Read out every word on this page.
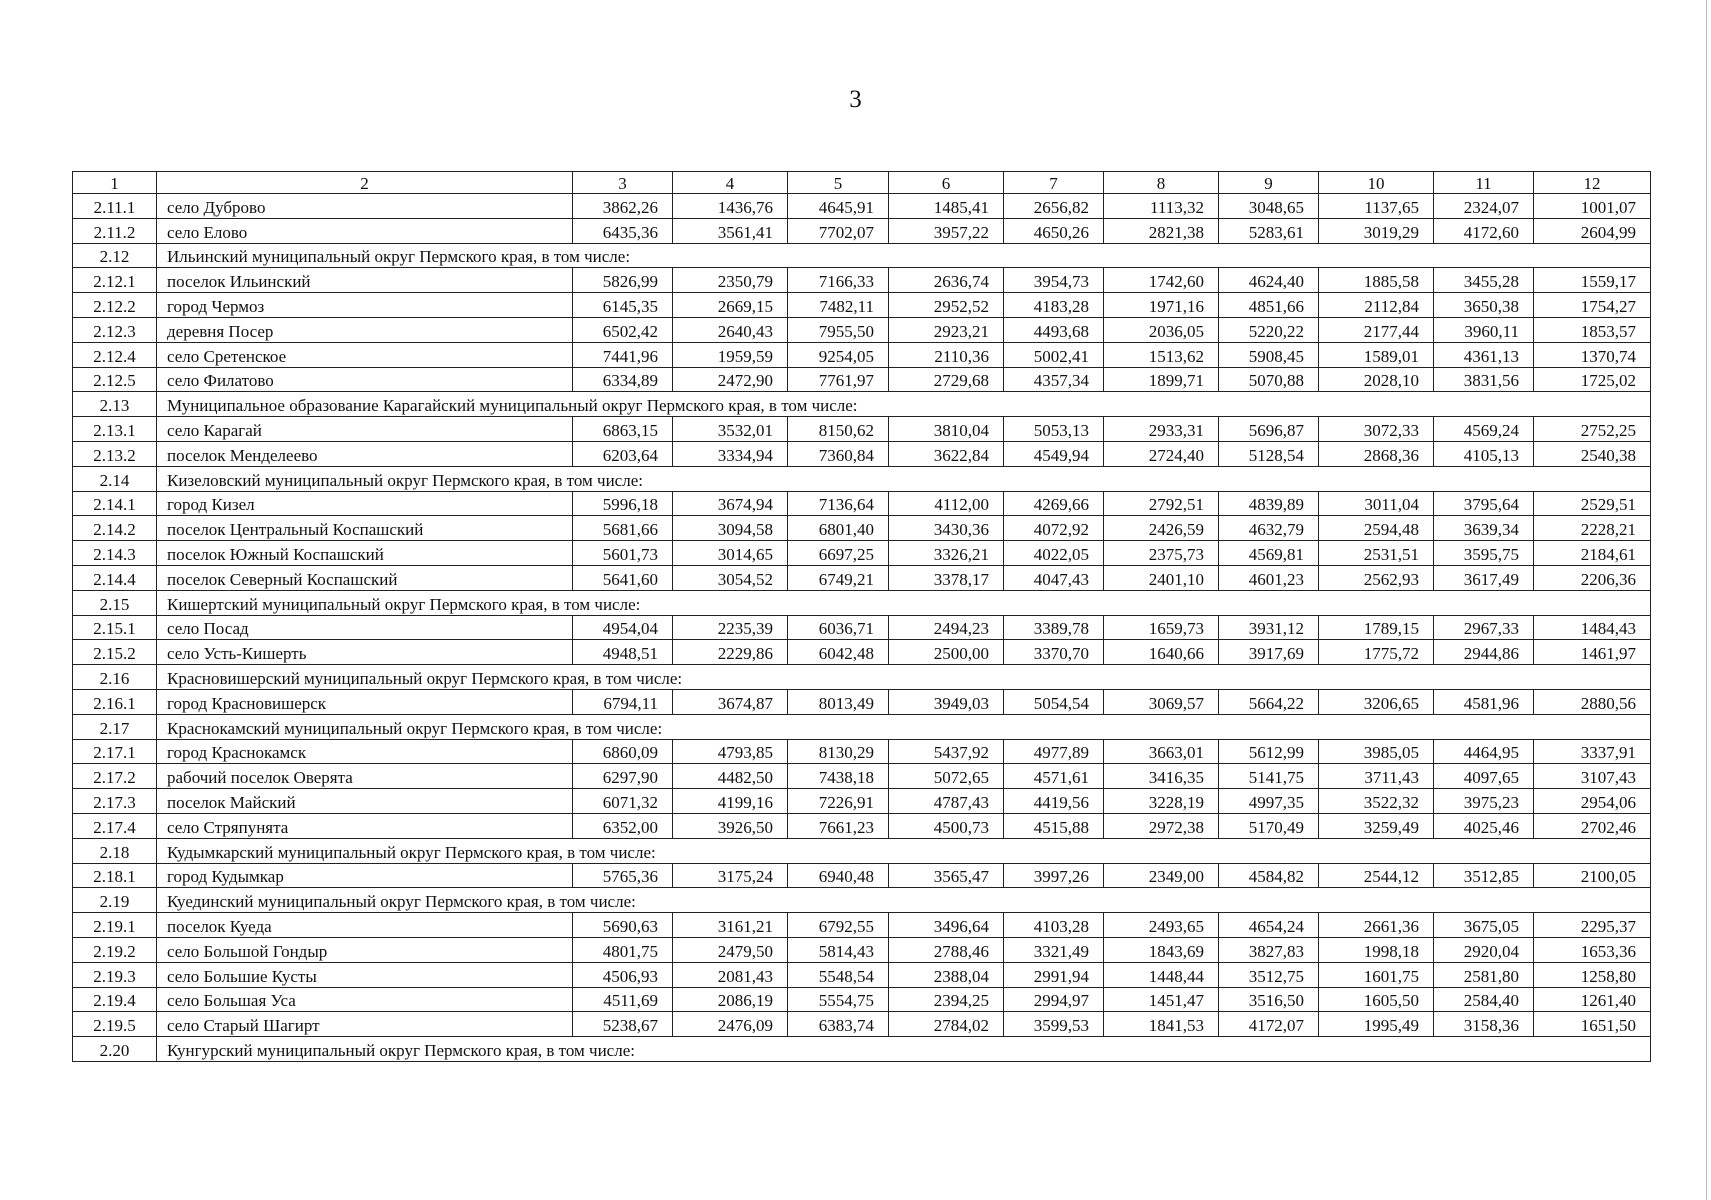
3
1	2	3	4	5	6	7	8	9	10	11	12
2.11.1	село Дуброво	3862,26	1436,76	4645,91	1485,41	2656,82	1113,32	3048,65	1137,65	2324,07	1001,07
2.11.2	село Елово	6435,36	3561,41	7702,07	3957,22	4650,26	2821,38	5283,61	3019,29	4172,60	2604,99
2.12	Ильинский муниципальный округ Пермского края, в том числе:										
2.12.1	поселок Ильинский	5826,99	2350,79	7166,33	2636,74	3954,73	1742,60	4624,40	1885,58	3455,28	1559,17
2.12.2	город Чермоз	6145,35	2669,15	7482,11	2952,52	4183,28	1971,16	4851,66	2112,84	3650,38	1754,27
2.12.3	деревня Посер	6502,42	2640,43	7955,50	2923,21	4493,68	2036,05	5220,22	2177,44	3960,11	1853,57
2.12.4	село Сретенское	7441,96	1959,59	9254,05	2110,36	5002,41	1513,62	5908,45	1589,01	4361,13	1370,74
2.12.5	село Филатово	6334,89	2472,90	7761,97	2729,68	4357,34	1899,71	5070,88	2028,10	3831,56	1725,02
2.13	Муниципальное образование Карагайский муниципальный округ Пермского края, в том числе:										
2.13.1	село Карагай	6863,15	3532,01	8150,62	3810,04	5053,13	2933,31	5696,87	3072,33	4569,24	2752,25
2.13.2	поселок Менделеево	6203,64	3334,94	7360,84	3622,84	4549,94	2724,40	5128,54	2868,36	4105,13	2540,38
2.14	Кизеловский муниципальный округ Пермского края, в том числе:										
2.14.1	город Кизел	5996,18	3674,94	7136,64	4112,00	4269,66	2792,51	4839,89	3011,04	3795,64	2529,51
2.14.2	поселок Центральный Коспашский	5681,66	3094,58	6801,40	3430,36	4072,92	2426,59	4632,79	2594,48	3639,34	2228,21
2.14.3	поселок Южный Коспашский	5601,73	3014,65	6697,25	3326,21	4022,05	2375,73	4569,81	2531,51	3595,75	2184,61
2.14.4	поселок Северный Коспашский	5641,60	3054,52	6749,21	3378,17	4047,43	2401,10	4601,23	2562,93	3617,49	2206,36
2.15	Кишертский муниципальный округ Пермского края, в том числе:										
2.15.1	село Посад	4954,04	2235,39	6036,71	2494,23	3389,78	1659,73	3931,12	1789,15	2967,33	1484,43
2.15.2	село Усть-Кишерть	4948,51	2229,86	6042,48	2500,00	3370,70	1640,66	3917,69	1775,72	2944,86	1461,97
2.16	Красновишерский муниципальный округ Пермского края, в том числе:										
2.16.1	город Красновишерск	6794,11	3674,87	8013,49	3949,03	5054,54	3069,57	5664,22	3206,65	4581,96	2880,56
2.17	Краснокамский муниципальный округ Пермского края, в том числе:										
2.17.1	город Краснокамск	6860,09	4793,85	8130,29	5437,92	4977,89	3663,01	5612,99	3985,05	4464,95	3337,91
2.17.2	рабочий поселок Оверята	6297,90	4482,50	7438,18	5072,65	4571,61	3416,35	5141,75	3711,43	4097,65	3107,43
2.17.3	поселок Майский	6071,32	4199,16	7226,91	4787,43	4419,56	3228,19	4997,35	3522,32	3975,23	2954,06
2.17.4	село Стряпунята	6352,00	3926,50	7661,23	4500,73	4515,88	2972,38	5170,49	3259,49	4025,46	2702,46
2.18	Кудымкарский муниципальный округ Пермского края, в том числе:										
2.18.1	город Кудымкар	5765,36	3175,24	6940,48	3565,47	3997,26	2349,00	4584,82	2544,12	3512,85	2100,05
2.19	Куединский муниципальный округ Пермского края, в том числе:										
2.19.1	поселок Куеда	5690,63	3161,21	6792,55	3496,64	4103,28	2493,65	4654,24	2661,36	3675,05	2295,37
2.19.2	село Большой Гондыр	4801,75	2479,50	5814,43	2788,46	3321,49	1843,69	3827,83	1998,18	2920,04	1653,36
2.19.3	село Большие Кусты	4506,93	2081,43	5548,54	2388,04	2991,94	1448,44	3512,75	1601,75	2581,80	1258,80
2.19.4	село Большая Уса	4511,69	2086,19	5554,75	2394,25	2994,97	1451,47	3516,50	1605,50	2584,40	1261,40
2.19.5	село Старый Шагирт	5238,67	2476,09	6383,74	2784,02	3599,53	1841,53	4172,07	1995,49	3158,36	1651,50
2.20	Кунгурский муниципальный округ Пермского края, в том числе:										
